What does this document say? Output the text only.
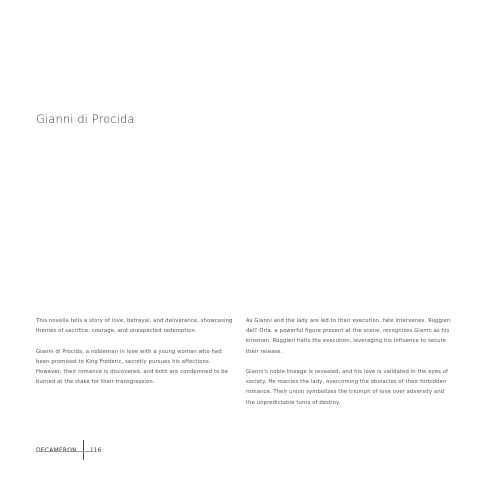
Gianni di Procida

This novella tells a story of love, betrayal, and deliverance, showcasing themes of sacrifice, courage, and unexpected redemption.

Gianni di Procida, a nobleman in love with a young woman who had been promised to King Frederic, secretly pursues his affections. However, their romance is discovered, and both are condemned to be burned at the stake for their transgression.

As Gianni and the lady are led to their execution, fate intervenes. Ruggieri dell' Oria, a powerful figure present at the scene, recognizes Gianni as his kinsman. Ruggieri halts the execution, leveraging his influence to secure their release.

Gianni's noble lineage is revealed, and his love is validated in the eyes of society. He marries the lady, overcoming the obstacles of their forbidden romance. Their union symbolizes the triumph of love over adversity and the unpredictable turns of destiny.

DECAMERON	116
